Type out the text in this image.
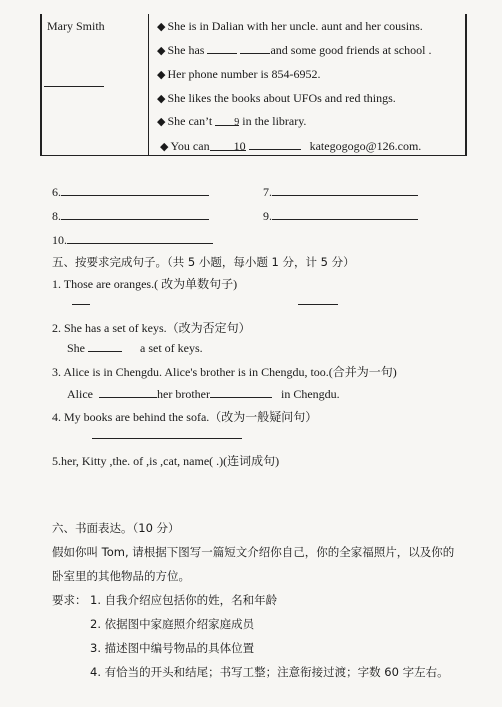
Mary Smith	◆ She is in Dalian with her uncle. aunt and her cousins.
◆ She has	and some good friends at school .
◆ Her phone number is 854-6952.
◆ She likes the books about UFOs and red things.
◆ She can’t 9 in the library.
◆ You can 10	kategogogo@126.com.
6.	7.
8.	9.
10.
五、按要求完成句子。（共 5 小题，每小题 1 分，计 5 分）
1. Those are oranges.( 改为单数句子)
2. She has a set of keys.（改为否定句）
She	a set of keys.
3. Alice is in Chengdu. Alice's brother is in Chengdu, too.(合并为一句)
Alice	her brother	in Chengdu.
4. My books are behind the sofa.（改为一般疑问句）
5.her, Kitty ,the. of ,is ,cat, name( .)(连词成句)
六、书面表达。（10 分）
假如你叫 Tom, 请根据下图写一篇短文介绍你自己，你的全家福照片，以及你的
卧室里的其他物品的方位。
要求： 1. 自我介绍应包括你的姓，名和年龄
2. 依据图中家庭照介绍家庭成员
3. 描述图中编号物品的具体位置
4. 有恰当的开头和结尾；书写工整；注意衔接过渡；字数 60 字左右。
